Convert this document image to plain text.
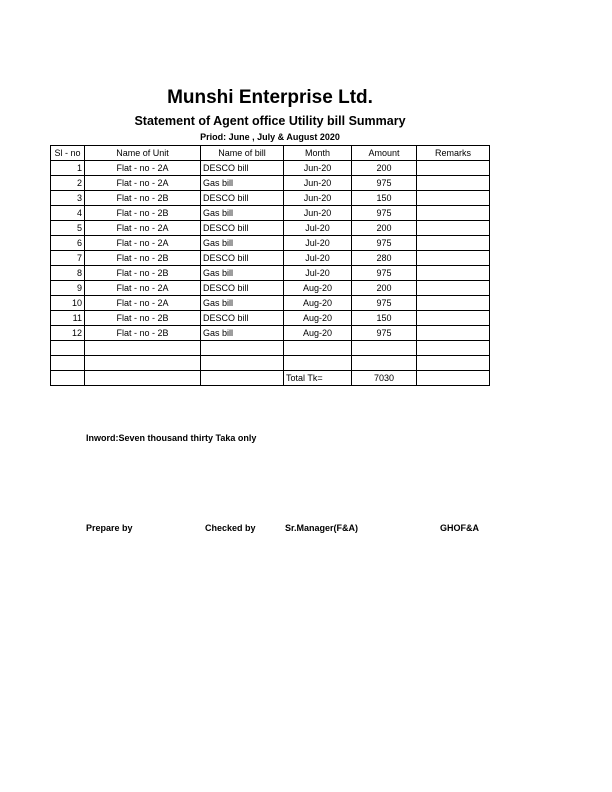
Munshi Enterprise Ltd.
Statement of Agent office Utility bill Summary
Priod: June , July & August 2020
Sl - no	Name of Unit	Name of bill	Month	Amount	Remarks
1	Flat - no - 2A	DESCO bill	Jun-20	200	
2	Flat - no - 2A	Gas bill	Jun-20	975	
3	Flat - no - 2B	DESCO bill	Jun-20	150	
4	Flat - no - 2B	Gas bill	Jun-20	975	
5	Flat - no - 2A	DESCO bill	Jul-20	200	
6	Flat - no - 2A	Gas bill	Jul-20	975	
7	Flat - no - 2B	DESCO bill	Jul-20	280	
8	Flat - no - 2B	Gas bill	Jul-20	975	
9	Flat - no - 2A	DESCO bill	Aug-20	200	
10	Flat - no - 2A	Gas bill	Aug-20	975	
11	Flat - no - 2B	DESCO bill	Aug-20	150	
12	Flat - no - 2B	Gas bill	Aug-20	975	

			Total Tk=	7030	
Inword:Seven thousand thirty Taka only
Prepare by	Checked by	Sr.Manager(F&A)	GHOF&A
